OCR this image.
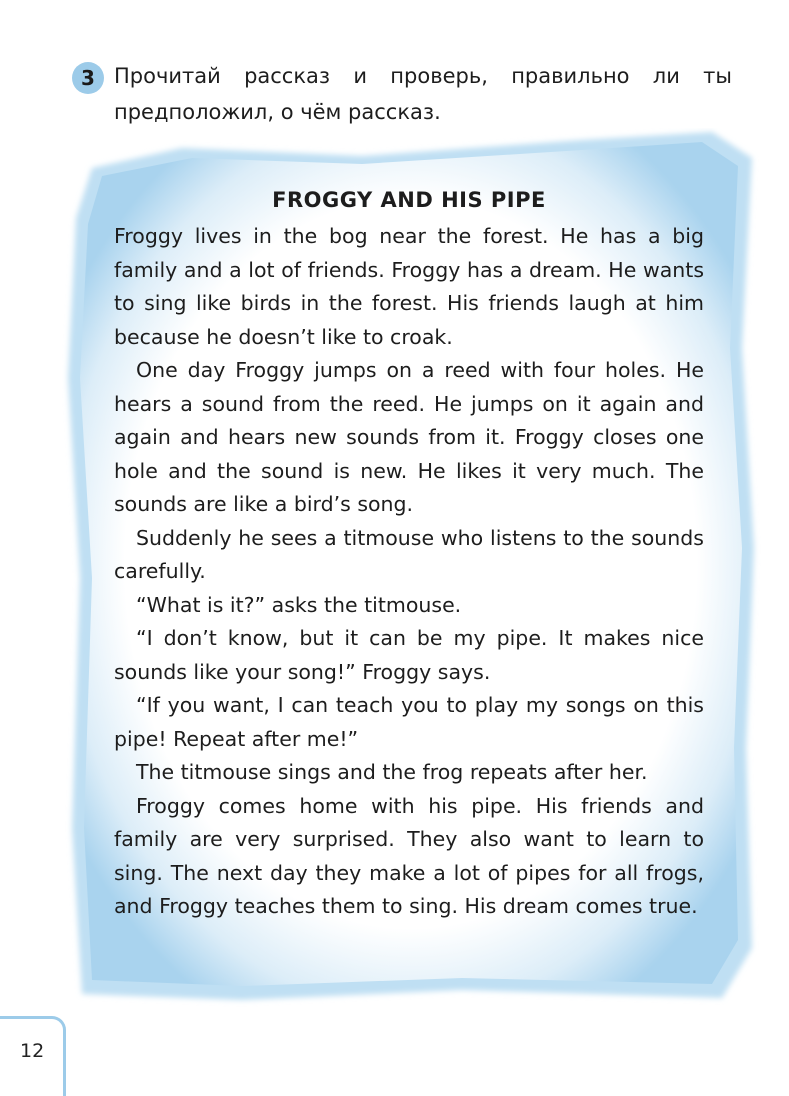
3 Прочитай рассказ и проверь, правильно ли ты предположил, о чём рассказ.
FROGGY AND HIS PIPE

Froggy lives in the bog near the forest. He has a big family and a lot of friends. Froggy has a dream. He wants to sing like birds in the forest. His friends laugh at him because he doesn’t like to croak.

One day Froggy jumps on a reed with four holes. He hears a sound from the reed. He jumps on it again and again and hears new sounds from it. Froggy closes one hole and the sound is new. He likes it very much. The sounds are like a bird’s song.

Suddenly he sees a titmouse who listens to the sounds carefully.

“What is it?” asks the titmouse.

“I don’t know, but it can be my pipe. It makes nice sounds like your song!” Froggy says.

“If you want, I can teach you to play my songs on this pipe! Repeat after me!”

The titmouse sings and the frog repeats after her.

Froggy comes home with his pipe. His friends and family are very surprised. They also want to learn to sing. The next day they make a lot of pipes for all frogs, and Froggy teaches them to sing. His dream comes true.

12
